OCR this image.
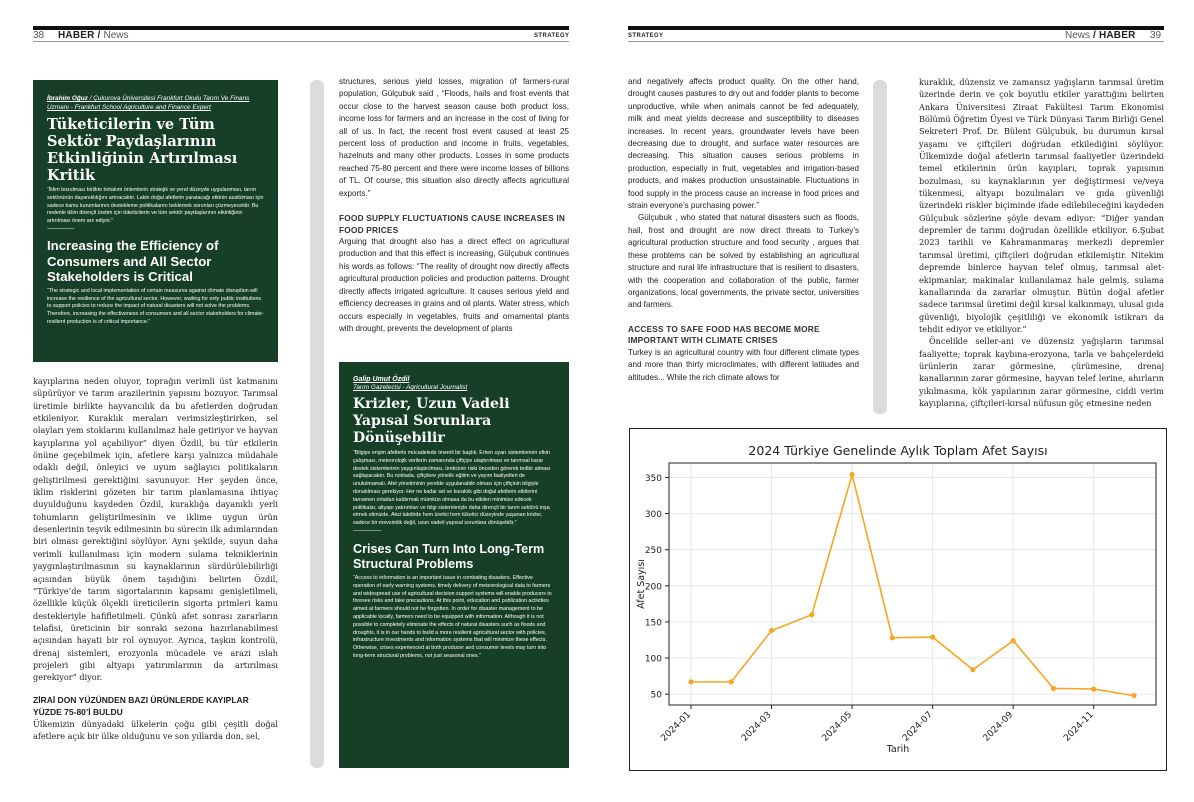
38 HABER / News	STRATEGY

İbrahim Oğuz / Çukurova Üniversitesi Frankfurt Okulu Tarım Ve Finans Uzmanı - Frankfurt School Agriculture and Finance Expert

Tüketicilerin ve Tüm Sektör Paydaşlarının Etkinliğinin Artırılması Kritik

“İklim bozulması birlikte birtakım önlemlerin stratejik ve yerel düzeyde uygulanması, tarım sektörünün dayanıklılığını artıracaktır. Lakin doğal afetlerin yaratacağı etkinin azaltılması için sadece kamu kurumlarının destekleme politikalarını beklemek sorunları çözmeyecektir. Bu nedenle iklim dirençli üretim için tüketicilerin ve tüm sektör paydaşlarının etkinliğinin artırılması önem arz ediyor.”

-----------------------

Increasing the Efficiency of Consumers and All Sector Stakeholders is Critical

“The strategic and local implementation of certain measures against climate disruption will increase the resilience of the agricultural sector. However, waiting for only public institutions to support policies to reduce the impact of natural disasters will not solve the problems. Therefore, increasing the effectiveness of consumers and all sector stakeholders for climate-resilient production is of critical importance.”

kayıplarına neden oluyor, toprağın verimli üst katmanını süpürüyor ve tarım arazilerinin yapısını bozuyor. Tarımsal üretimle birlikte hayvancılık da bu afetlerden doğrudan etkileniyor. Kuraklık meraları verimsizleştirirken, sel olayları yem stoklarını kullanılmaz hale getiriyor ve hayvan kayıplarına yol açabiliyor” diyen Özdil, bu tür etkilerin önüne geçebilmek için, afetlere karşı yalnızca müdahale odaklı değil, önleyici ve uyum sağlayıcı politikaların geliştirilmesi gerektiğini savunuyor. Her şeyden önce, iklim risklerini gözeten bir tarım planlamasına ihtiyaç duyulduğunu kaydeden Özdil, kuraklığa dayanıklı yerli tohumların geliştirilmesinin ve iklime uygun ürün desenlerinin teşvik edilmesinin bu sürecin ilk adımlarından biri olması gerektiğini söylüyor. Aynı şekilde, suyun daha verimli kullanılması için modern sulama tekniklerinin yaygınlaştırılmasının su kaynaklarının sürdürülebilirliği açısından büyük önem taşıdığını belirten Özdil, “Türkiye’de tarım sigortalarının kapsamı genişletilmeli, özellikle küçük ölçekli üreticilerin sigorta primleri kamu destekleriyle hafifletilmeli. Çünkü afet sonrası zararların telafisi, üreticinin bir sonraki sezona hazırlanabilmesi açısından hayati bir rol oynuyor. Ayrıca, taşkın kontrolü, drenaj sistemleri, erozyonla mücadele ve arazi ıslah projeleri gibi altyapı yatırımlarının da artırılması gerekiyor” diyor.

ZİRAİ DON YÜZÜNDEN BAZI ÜRÜNLERDE KAYIPLAR YÜZDE 75-80’İ BULDU

Ülkemizin dünyadaki ülkelerin çoğu gibi çeşitli doğal afetlere açık bir ülke olduğunu ve son yıllarda don, sel,

structures, serious yield losses, migration of farmers-rural population, Gülçubuk said , “Floods, hails and frost events that occur close to the harvest season cause both product loss, income loss for farmers and an increase in the cost of living for all of us. In fact, the recent frost event caused at least 25 percent loss of production and income in fruits, vegetables, hazelnuts and many other products. Losses in some products reached 75-80 percent and there were income losses of billions of TL. Of course, this situation also directly affects agricultural exports.”

FOOD SUPPLY FLUCTUATIONS CAUSE INCREASES IN FOOD PRICES

Arguing that drought also has a direct effect on agricultural production and that this effect is increasing, Gülçubuk continues his words as follows: “The reality of drought now directly affects agricultural production policies and production patterns. Drought directly affects irrigated agriculture. It causes serious yield and efficiency decreases in grains and oil plants. Water stress, which occurs especially in vegetables, fruits and ornamental plants with drought, prevents the development of plants

Galip Umut Özdil

Tarım Gazetecisi - Agricultural Journalist

Krizler, Uzun Vadeli Yapısal Sorunlara Dönüşebilir

“Bilgiye erişim afetlerle mücadelede önemli bir başlık. Erken uyarı sistemlerinin etkin çalışması, meteorolojik verilerin zamanında çiftçiye ulaştırılması ve tarımsal karar destek sistemlerinin yaygınlaştırılması, üreticinin riski önceden görerek tedbir alması sağlayacaktır. Bu noktada, çiftçilere yönelik eğitim ve yayım faaliyetleri de unutulmamalı. Afet yönetiminin yerelde uygulanabilir olması için çiftçinin bilgiyle donatılması gerekiyor. Her ne kadar sel ve kuraklık gibi doğal afetlerin etkilerini tamamen ortadan kaldırmak mümkün olmasa da bu etkileri minimize edecek politikalar, altyapı yatırımları ve bilgi sistemleriyle daha dirençli bir tarım sektörü inşa etmek elimizde. Aksi takdirde hem üretici hem tüketici düzeyinde yaşanan krizler, sadece bir mevsimlik değil, uzun vadeli yapısal sorunlara dönüşebilir.”

------------------------

Crises Can Turn Into Long-Term Structural Problems

“Access to information is an important issue in combating disasters. Effective operation of early warning systems, timely delivery of meteorological data to farmers and widespread use of agricultural decision support systems will enable producers to foresee risks and take precautions. At this point, education and publication activities aimed at farmers should not be forgotten. In order for disaster management to be applicable locally, farmers need to be equipped with information. Although it is not possible to completely eliminate the effects of natural disasters such as floods and droughts, it is in our hands to build a more resilient agricultural sector with policies, infrastructure investments and information systems that will minimize these effects. Otherwise, crises experienced at both producer and consumer levels may turn into long-term structural problems, not just seasonal ones.”

STRATEGY	News / HABER 39

and negatively affects product quality. On the other hand, drought causes pastures to dry out and fodder plants to become unproductive, while when animals cannot be fed adequately, milk and meat yields decrease and susceptibility to diseases increases. In recent years, groundwater levels have been decreasing due to drought, and surface water resources are decreasing. This situation causes serious problems in production, especially in fruit, vegetables and irrigation-based products, and makes production unsustainable. Fluctuations in food supply in the process cause an increase in food prices and strain everyone’s purchasing power.”

Gülçubuk , who stated that natural disasters such as floods, hail, frost and drought are now direct threats to Turkey’s agricultural production structure and food security , argues that these problems can be solved by establishing an agricultural structure and rural life infrastructure that is resilient to disasters, with the cooperation and collaboration of the public, farmer organizations, local governments, the private sector, universities and farmers.

ACCESS TO SAFE FOOD HAS BECOME MORE IMPORTANT WITH CLIMATE CRISES

Turkey is an agricultural country with four different climate types and more than thirty microclimates, with different latitudes and altitudes... While the rich climate allows for

kuraklık, düzensiz ve zamansız yağışların tarımsal üretim üzerinde derin ve çok boyutlu etkiler yarattığını belirten Ankara Üniversitesi Ziraat Fakültesi Tarım Ekonomisi Bölümü Öğretim Üyesi ve Türk Dünyası Tarım Birliği Genel Sekreteri Prof. Dr. Bülent Gülçubuk, bu durumun kırsal yaşamı ve çiftçileri doğrudan etkilediğini söylüyor. Ülkemizde doğal afetlerin tarımsal faaliyetler üzerindeki temel etkilerinin ürün kayıpları, toprak yapısının bozulması, su kaynaklarının yer değiştirmesi ve/veya tükenmesi, altyapı bozulmaları ve gıda güvenliği üzerindeki riskler biçiminde ifade edilebileceğini kaydeden Gülçubuk sözlerine şöyle devam ediyor: “Diğer yandan depremler de tarımı doğrudan özellikle etkiliyor. 6.Şubat 2023 tarihli ve Kahramanmaraş merkezli depremler tarımsal üretimi, çiftçileri doğrudan etkilemiştir. Nitekim depremde binlerce hayvan telef olmuş, tarımsal alet-ekipmanlar, makinalar kullanılamaz hale gelmiş, sulama kanallarında da zararlar olmuştur. Bütün doğal afetler sadece tarımsal üretimi değil kırsal kalkınmayı, ulusal gıda güvenliği, biyolojik çeşitliliği ve ekonomik istikrarı da tehdit ediyor ve etkiliyor.”

Öncelikle seller-ani ve düzensiz yağışların tarımsal faaliyette; toprak kaybına-erozyona, tarla ve bahçelerdeki ürünlerin zarar görmesine, çürümesine, drenaj kanallarının zarar görmesine, hayvan telef lerine, ahırların yıkılmasına, kök yapılarının zarar görmesine, ciddi verim kayıplarına, çiftçileri-kırsal nüfusun göç etmesine neden

2024 Türkiye Genelinde Aylık Toplam Afet Sayısı
Tarih
Afet Sayısı
50
100
150
200
250
300
350
2024-01	2024-03	2024-05	2024-07	2024-09	2024-11
